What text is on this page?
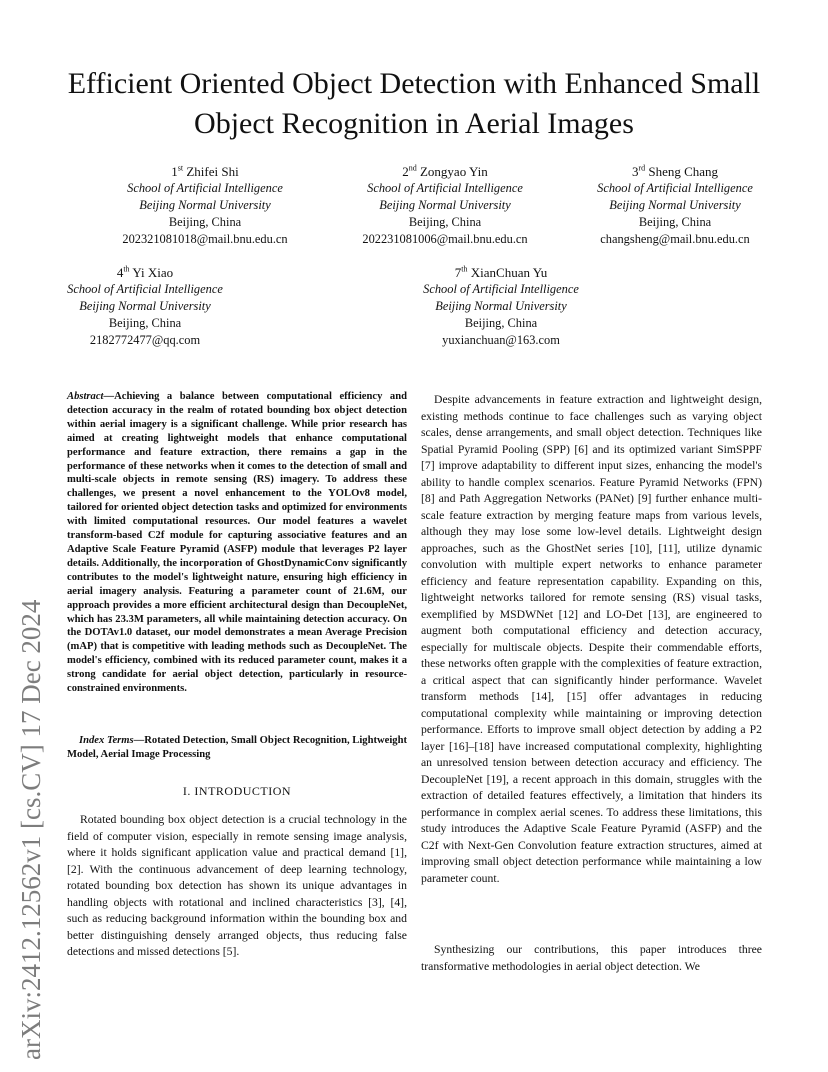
arXiv:2412.12562v1 [cs.CV] 17 Dec 2024
Efficient Oriented Object Detection with Enhanced Small Object Recognition in Aerial Images
1st Zhifei Shi
School of Artificial Intelligence
Beijing Normal University
Beijing, China
202321081018@mail.bnu.edu.cn
2nd Zongyao Yin
School of Artificial Intelligence
Beijing Normal University
Beijing, China
202231081006@mail.bnu.edu.cn
3rd Sheng Chang
School of Artificial Intelligence
Beijing Normal University
Beijing, China
changsheng@mail.bnu.edu.cn
4th Yi Xiao
School of Artificial Intelligence
Beijing Normal University
Beijing, China
2182772477@qq.com
7th XianChuan Yu
School of Artificial Intelligence
Beijing Normal University
Beijing, China
yuxianchuan@163.com

Abstract—Achieving a balance between computational efficiency and detection accuracy in the realm of rotated bounding box object detection within aerial imagery is a significant challenge. While prior research has aimed at creating lightweight models that enhance computational performance and feature extraction, there remains a gap in the performance of these networks when it comes to the detection of small and multi-scale objects in remote sensing (RS) imagery. To address these challenges, we present a novel enhancement to the YOLOv8 model, tailored for oriented object detection tasks and optimized for environments with limited computational resources. Our model features a wavelet transform-based C2f module for capturing associative features and an Adaptive Scale Feature Pyramid (ASFP) module that leverages P2 layer details. Additionally, the incorporation of GhostDynamicConv significantly contributes to the model's lightweight nature, ensuring high efficiency in aerial imagery analysis. Featuring a parameter count of 21.6M, our approach provides a more efficient architectural design than DecoupleNet, which has 23.3M parameters, all while maintaining detection accuracy. On the DOTAv1.0 dataset, our model demonstrates a mean Average Precision (mAP) that is competitive with leading methods such as DecoupleNet. The model's efficiency, combined with its reduced parameter count, makes it a strong candidate for aerial object detection, particularly in resource-constrained environments.

Index Terms—Rotated Detection, Small Object Recognition, Lightweight Model, Aerial Image Processing

I. INTRODUCTION

Rotated bounding box object detection is a crucial technology in the field of computer vision, especially in remote sensing image analysis, where it holds significant application value and practical demand [1], [2]. With the continuous advancement of deep learning technology, rotated bounding box detection has shown its unique advantages in handling objects with rotational and inclined characteristics [3], [4], such as reducing background information within the bounding box and better distinguishing densely arranged objects, thus reducing false detections and missed detections [5].

Despite advancements in feature extraction and lightweight design, existing methods continue to face challenges such as varying object scales, dense arrangements, and small object detection. Techniques like Spatial Pyramid Pooling (SPP) [6] and its optimized variant SimSPPF [7] improve adaptability to different input sizes, enhancing the model's ability to handle complex scenarios. Feature Pyramid Networks (FPN) [8] and Path Aggregation Networks (PANet) [9] further enhance multi-scale feature extraction by merging feature maps from various levels, although they may lose some low-level details. Lightweight design approaches, such as the GhostNet series [10], [11], utilize dynamic convolution with multiple expert networks to enhance parameter efficiency and feature representation capability. Expanding on this, lightweight networks tailored for remote sensing (RS) visual tasks, exemplified by MSDWNet [12] and LO-Det [13], are engineered to augment both computational efficiency and detection accuracy, especially for multiscale objects. Despite their commendable efforts, these networks often grapple with the complexities of feature extraction, a critical aspect that can significantly hinder performance. Wavelet transform methods [14], [15] offer advantages in reducing computational complexity while maintaining or improving detection performance. Efforts to improve small object detection by adding a P2 layer [16]–[18] have increased computational complexity, highlighting an unresolved tension between detection accuracy and efficiency. The DecoupleNet [19], a recent approach in this domain, struggles with the extraction of detailed features effectively, a limitation that hinders its performance in complex aerial scenes. To address these limitations, this study introduces the Adaptive Scale Feature Pyramid (ASFP) and the C2f with Next-Gen Convolution feature extraction structures, aimed at improving small object detection performance while maintaining a low parameter count.

Synthesizing our contributions, this paper introduces three transformative methodologies in aerial object detection. We
